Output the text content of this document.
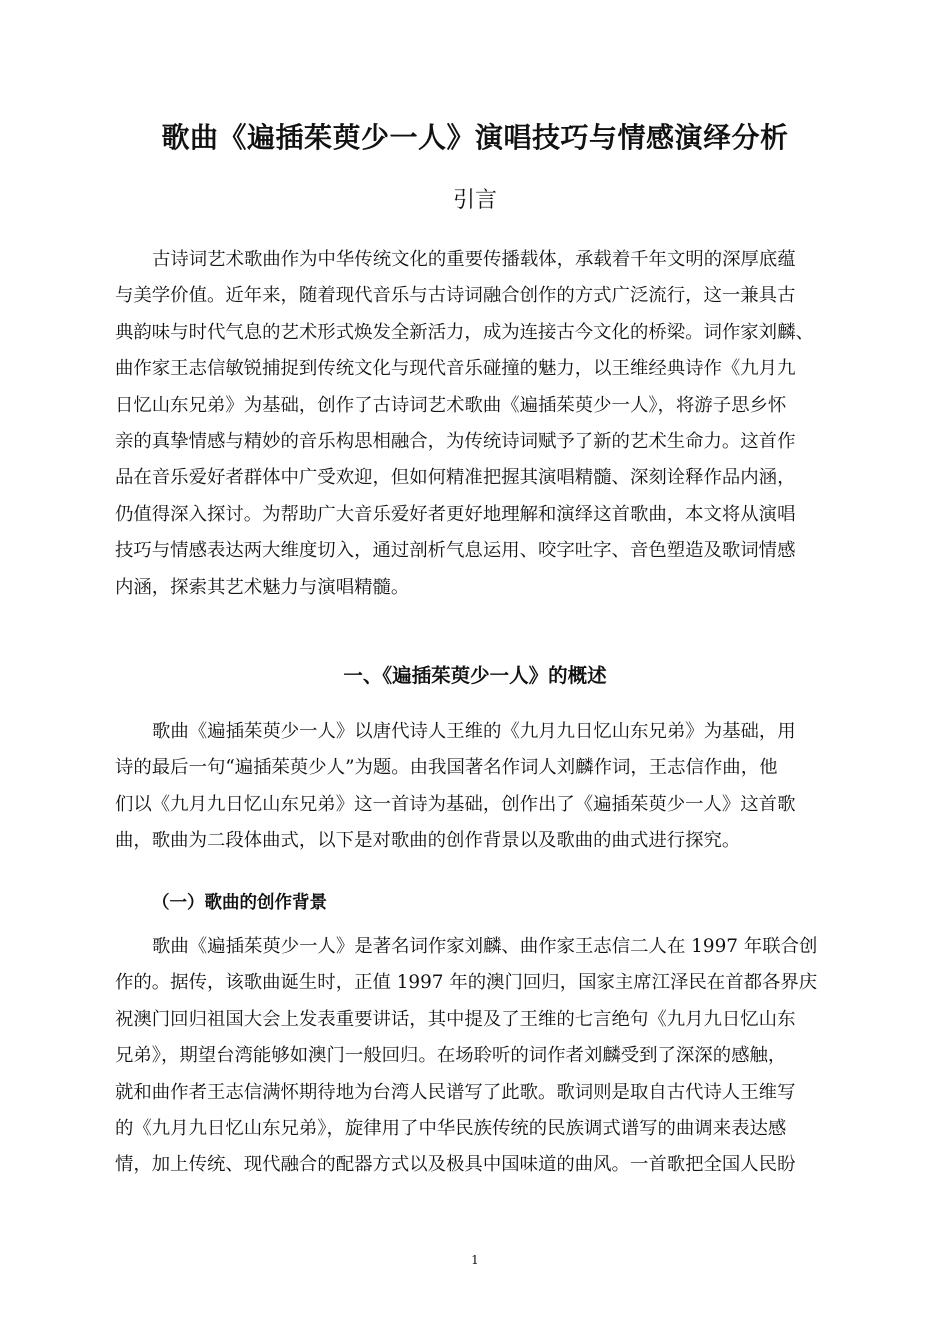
歌曲《遍插茱萸少一人》演唱技巧与情感演绎分析
引言
古诗词艺术歌曲作为中华传统文化的重要传播载体，承载着千年文明的深厚底蕴
与美学价值。近年来，随着现代音乐与古诗词融合创作的方式广泛流行，这一兼具古
典韵味与时代气息的艺术形式焕发全新活力，成为连接古今文化的桥梁。词作家刘麟、
曲作家王志信敏锐捕捉到传统文化与现代音乐碰撞的魅力，以王维经典诗作《九月九
日忆山东兄弟》为基础，创作了古诗词艺术歌曲《遍插茱萸少一人》，将游子思乡怀
亲的真挚情感与精妙的音乐构思相融合，为传统诗词赋予了新的艺术生命力。这首作
品在音乐爱好者群体中广受欢迎，但如何精准把握其演唱精髓、深刻诠释作品内涵，
仍值得深入探讨。为帮助广大音乐爱好者更好地理解和演绎这首歌曲，本文将从演唱
技巧与情感表达两大维度切入，通过剖析气息运用、咬字吐字、音色塑造及歌词情感
内涵，探索其艺术魅力与演唱精髓。
一、《遍插茱萸少一人》的概述
歌曲《遍插茱萸少一人》以唐代诗人王维的《九月九日忆山东兄弟》为基础，用
诗的最后一句“遍插茱萸少人”为题。由我国著名作词人刘麟作词，王志信作曲，他
们以《九月九日忆山东兄弟》这一首诗为基础，创作出了《遍插茱萸少一人》这首歌
曲，歌曲为二段体曲式，以下是对歌曲的创作背景以及歌曲的曲式进行探究。
（一）歌曲的创作背景
歌曲《遍插茱萸少一人》是著名词作家刘麟、曲作家王志信二人在 1997 年联合创
作的。据传，该歌曲诞生时，正值 1997 年的澳门回归，国家主席江泽民在首都各界庆
祝澳门回归祖国大会上发表重要讲话，其中提及了王维的七言绝句《九月九日忆山东
兄弟》，期望台湾能够如澳门一般回归。在场聆听的词作者刘麟受到了深深的感触，
就和曲作者王志信满怀期待地为台湾人民谱写了此歌。歌词则是取自古代诗人王维写
的《九月九日忆山东兄弟》，旋律用了中华民族传统的民族调式谱写的曲调来表达感
情，加上传统、现代融合的配器方式以及极具中国味道的曲风。一首歌把全国人民盼
1
